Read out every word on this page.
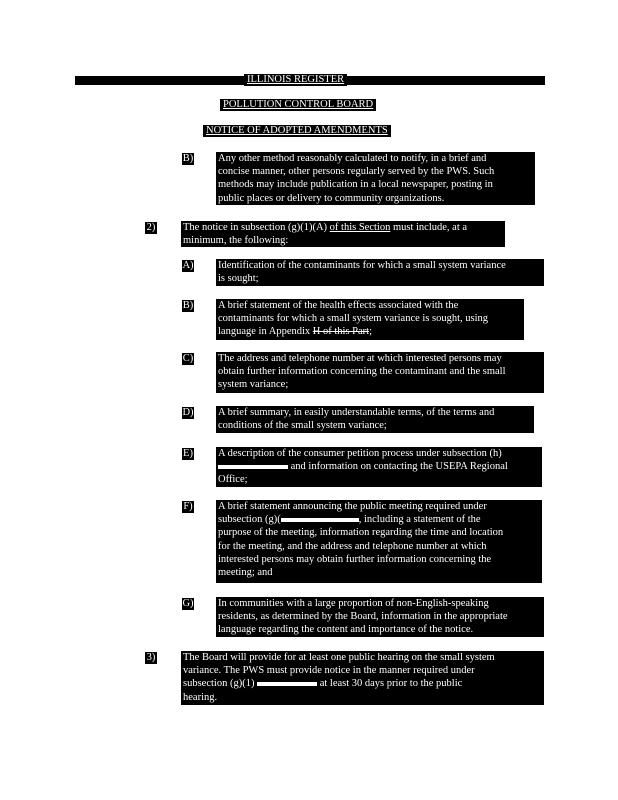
ILLINOIS REGISTER
POLLUTION CONTROL BOARD
NOTICE OF ADOPTED AMENDMENTS
B) Any other method reasonably calculated to notify, in a brief and
concise manner, other persons regularly served by the PWS. Such
methods may include publication in a local newspaper, posting in
public places or delivery to community organizations.
2)	The notice in subsection (g)(1)(A) of this Section must include, at a
minimum, the following:
A) Identification of the contaminants for which a small system variance
is sought;
B) A brief statement of the health effects associated with the
contaminants for which a small system variance is sought, using
language in Appendix H of this Part;
C) The address and telephone number at which interested persons may
obtain further information concerning the contaminant and the small
system variance;
D) A brief summary, in easily understandable terms, of the terms and
conditions of the small system variance;
E) A description of the consumer petition process under subsection (h)
and information on contacting the USEPA Regional
Office;
F) A brief statement announcing the public meeting required under
subsection (g)(	, including a statement of the
purpose of the meeting, information regarding the time and location
for the meeting, and the address and telephone number at which
interested persons may obtain further information concerning the
meeting; and
G) In communities with a large proportion of non-English-speaking
residents, as determined by the Board, information in the appropriate
language regarding the content and importance of the notice.
3)	The Board will provide for at least one public hearing on the small system
variance. The PWS must provide notice in the manner required under
subsection (g)(1)	at least 30 days prior to the public
hearing.
